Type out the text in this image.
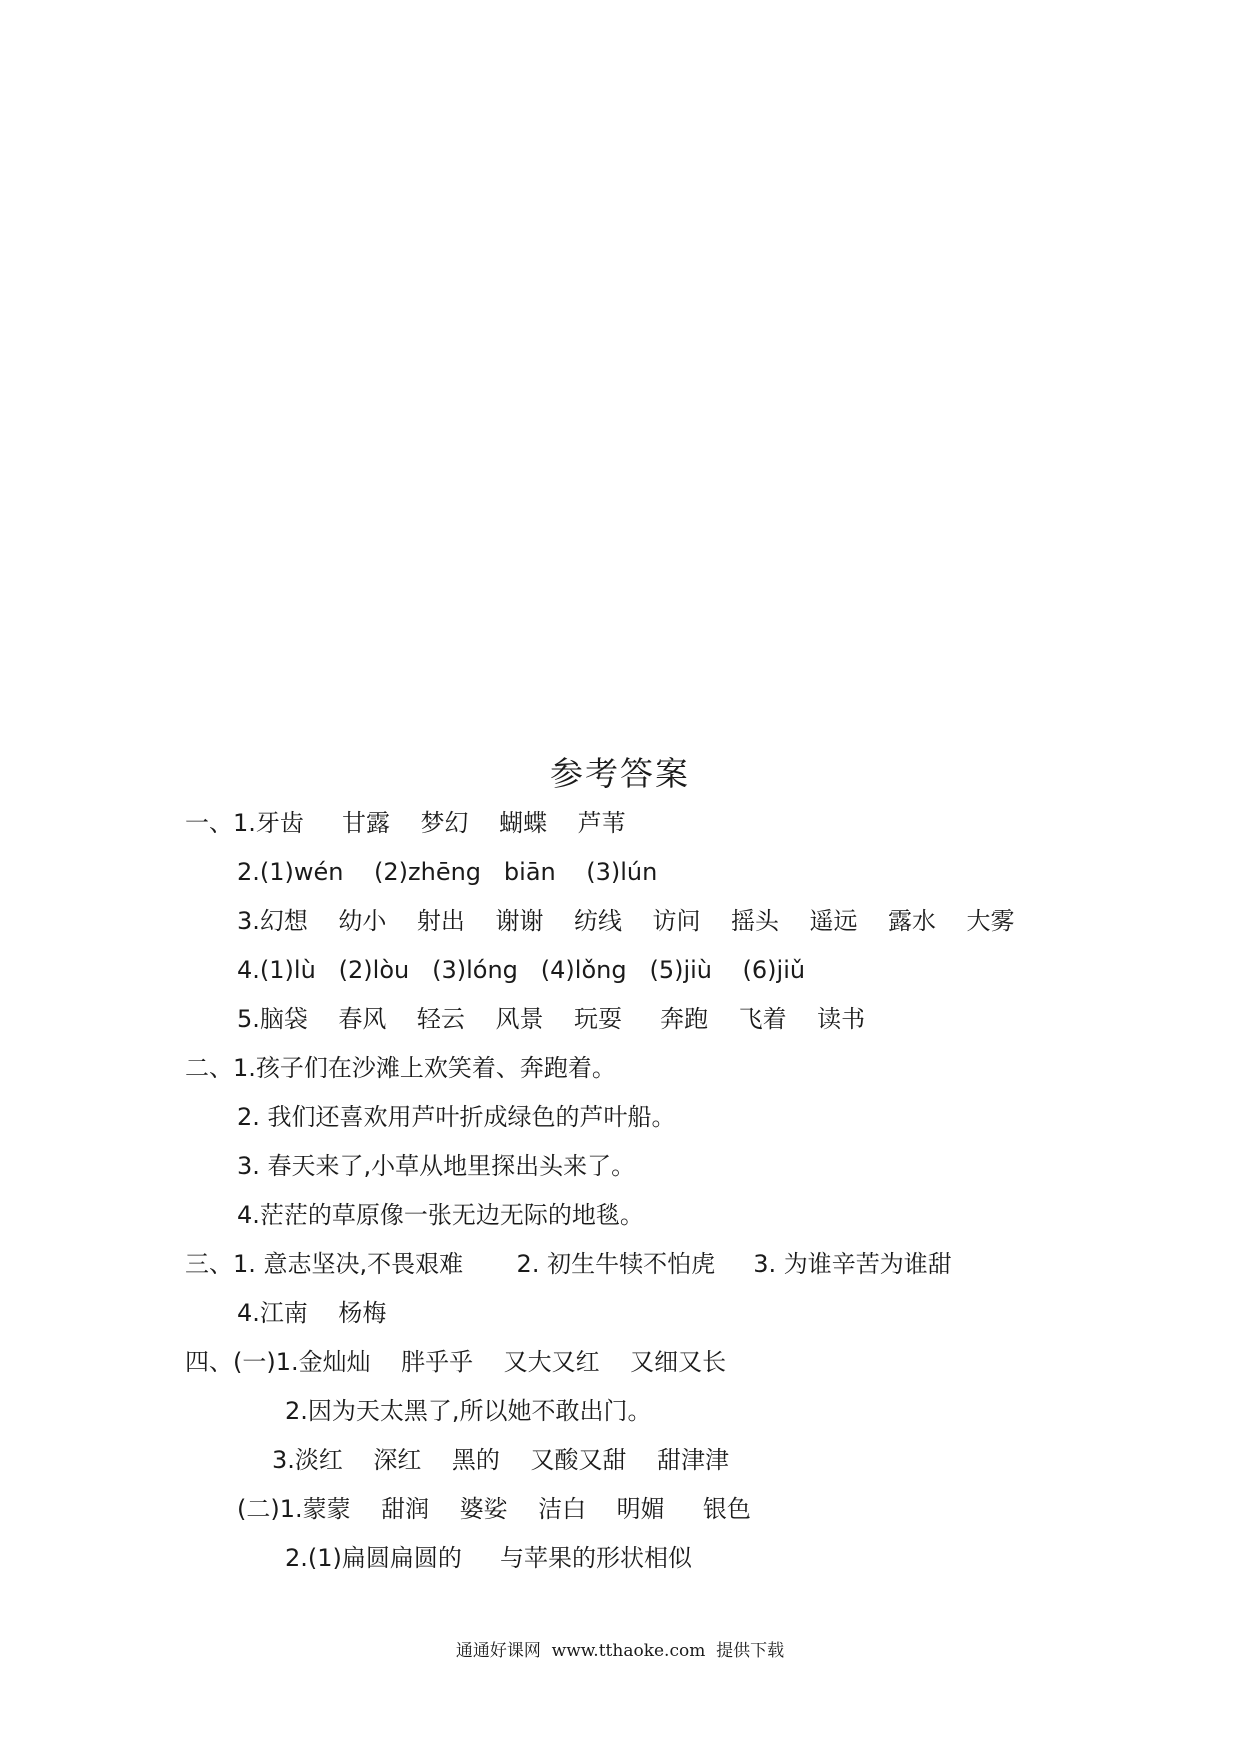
参考答案
一、1.牙齿     甘露    梦幻    蝴蝶    芦苇
2.(1)wén    (2)zhēng   biān    (3)lún
3.幻想    幼小    射出    谢谢    纺线    访问    摇头    遥远    露水    大雾
4.(1)lù   (2)lòu   (3)lóng   (4)lǒng   (5)jiù    (6)jiǔ
5.脑袋    春风    轻云    风景    玩耍     奔跑    飞着    读书
二、1.孩子们在沙滩上欢笑着、奔跑着。
2. 我们还喜欢用芦叶折成绿色的芦叶船。
3. 春天来了,小草从地里探出头来了。
4.茫茫的草原像一张无边无际的地毯。
三、1. 意志坚决,不畏艰难       2. 初生牛犊不怕虎     3. 为谁辛苦为谁甜
4.江南    杨梅
四、(一)1.金灿灿    胖乎乎    又大又红    又细又长
2.因为天太黑了,所以她不敢出门。
3.淡红    深红    黑的    又酸又甜    甜津津
(二)1.蒙蒙    甜润    婆娑    洁白    明媚     银色
2.(1)扁圆扁圆的     与苹果的形状相似
通通好课网  www.tthaoke.com  提供下载
